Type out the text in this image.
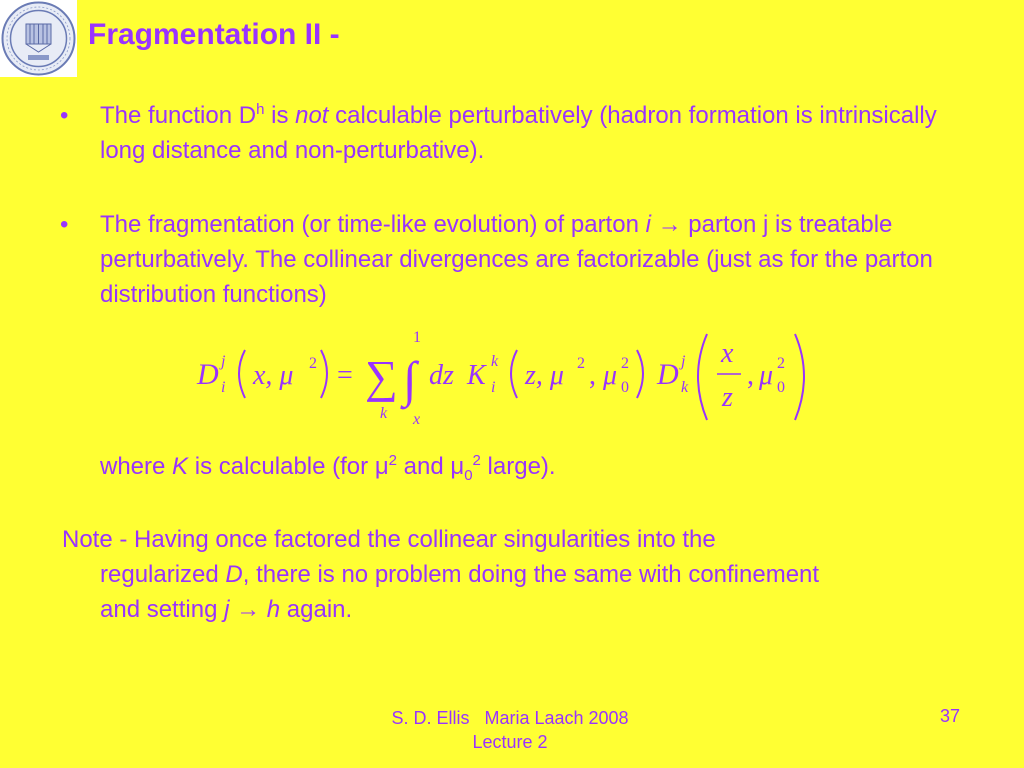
Fragmentation II -
• The function $D^h$ is not calculable perturbatively (hadron formation is intrinsically long distance and non-perturbative).
• The fragmentation (or time-like evolution) of parton i → parton j is treatable perturbatively. The collinear divergences are factorizable (just as for the parton distribution functions)
D j
i x, μ 2 = ∑
k
∫
1
x
dz K k
i z, μ 2 , μ 2
0 D j
k
x
z
, μ 2
0
where K is calculable (for $\mu^2$ and $\mu_0^2$ large).
Note - Having once factored the collinear singularities into the
regularized D, there is no problem doing the same with confinement
and setting j → h again.
S. D. Ellis   Maria Laach 2008
Lecture 2
37
